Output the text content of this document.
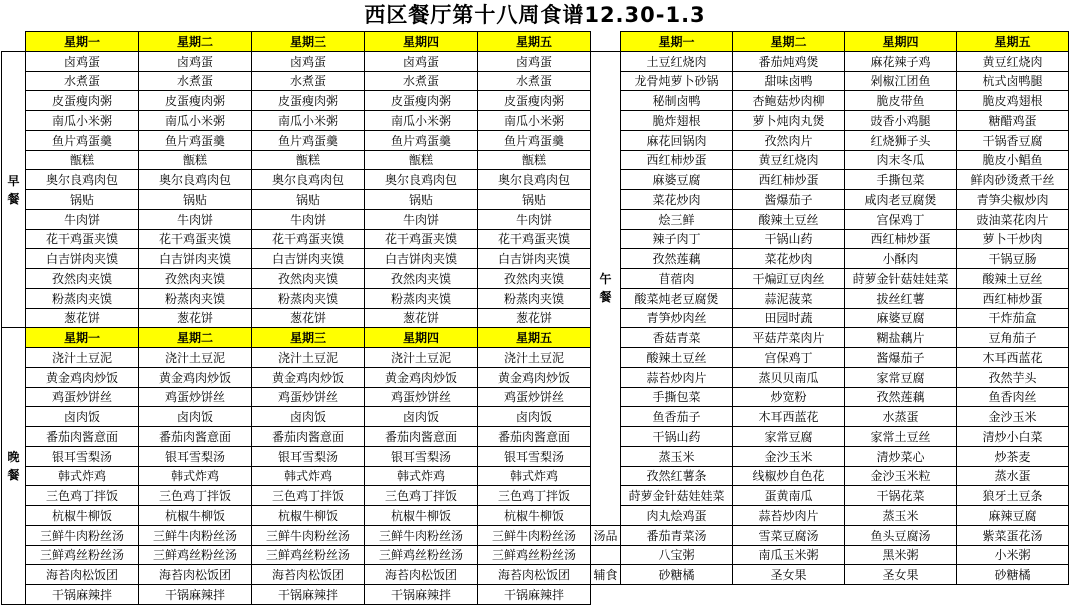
西区餐厅第十八周食谱12.30-1.3
	星期一	星期二	星期三	星期四	星期五
早餐	卤鸡蛋	卤鸡蛋	卤鸡蛋	卤鸡蛋	卤鸡蛋
	水煮蛋	水煮蛋	水煮蛋	水煮蛋	水煮蛋
	皮蛋瘦肉粥	皮蛋瘦肉粥	皮蛋瘦肉粥	皮蛋瘦肉粥	皮蛋瘦肉粥
	南瓜小米粥	南瓜小米粥	南瓜小米粥	南瓜小米粥	南瓜小米粥
	鱼片鸡蛋羹	鱼片鸡蛋羹	鱼片鸡蛋羹	鱼片鸡蛋羹	鱼片鸡蛋羹
	甑糕	甑糕	甑糕	甑糕	甑糕
	奥尔良鸡肉包	奥尔良鸡肉包	奥尔良鸡肉包	奥尔良鸡肉包	奥尔良鸡肉包
	锅贴	锅贴	锅贴	锅贴	锅贴
	牛肉饼	牛肉饼	牛肉饼	牛肉饼	牛肉饼
	花干鸡蛋夹馍	花干鸡蛋夹馍	花干鸡蛋夹馍	花干鸡蛋夹馍	花干鸡蛋夹馍
	白吉饼肉夹馍	白吉饼肉夹馍	白吉饼肉夹馍	白吉饼肉夹馍	白吉饼肉夹馍
	孜然肉夹馍	孜然肉夹馍	孜然肉夹馍	孜然肉夹馍	孜然肉夹馍
	粉蒸肉夹馍	粉蒸肉夹馍	粉蒸肉夹馍	粉蒸肉夹馍	粉蒸肉夹馍
	葱花饼	葱花饼	葱花饼	葱花饼	葱花饼
晚餐	星期一	星期二	星期三	星期四	星期五
	浇汁土豆泥	浇汁土豆泥	浇汁土豆泥	浇汁土豆泥	浇汁土豆泥
	黄金鸡肉炒饭	黄金鸡肉炒饭	黄金鸡肉炒饭	黄金鸡肉炒饭	黄金鸡肉炒饭
	鸡蛋炒饼丝	鸡蛋炒饼丝	鸡蛋炒饼丝	鸡蛋炒饼丝	鸡蛋炒饼丝
	卤肉饭	卤肉饭	卤肉饭	卤肉饭	卤肉饭
	番茄肉酱意面	番茄肉酱意面	番茄肉酱意面	番茄肉酱意面	番茄肉酱意面
	银耳雪梨汤	银耳雪梨汤	银耳雪梨汤	银耳雪梨汤	银耳雪梨汤
	韩式炸鸡	韩式炸鸡	韩式炸鸡	韩式炸鸡	韩式炸鸡
	三色鸡丁拌饭	三色鸡丁拌饭	三色鸡丁拌饭	三色鸡丁拌饭	三色鸡丁拌饭
	杭椒牛柳饭	杭椒牛柳饭	杭椒牛柳饭	杭椒牛柳饭	杭椒牛柳饭
	三鲜牛肉粉丝汤	三鲜牛肉粉丝汤	三鲜牛肉粉丝汤	三鲜牛肉粉丝汤	三鲜牛肉粉丝汤
	三鲜鸡丝粉丝汤	三鲜鸡丝粉丝汤	三鲜鸡丝粉丝汤	三鲜鸡丝粉丝汤	三鲜鸡丝粉丝汤
	海苔肉松饭团	海苔肉松饭团	海苔肉松饭团	海苔肉松饭团	海苔肉松饭团
	干锅麻辣拌	干锅麻辣拌	干锅麻辣拌	干锅麻辣拌	干锅麻辣拌
	星期一	星期二	星期四	星期五
午餐	土豆红烧肉	番茄炖鸡煲	麻花辣子鸡	黄豆红烧肉
	龙骨炖萝卜砂锅	甜味卤鸭	剁椒江团鱼	杭式卤鸭腿
	秘制卤鸭	杏鲍菇炒肉柳	脆皮带鱼	脆皮鸡翅根
	脆炸翅根	萝卜炖肉丸煲	豉香小鸡腿	糖醋鸡蛋
	麻花回锅肉	孜然肉片	红烧狮子头	干锅香豆腐
	西红柿炒蛋	黄豆红烧肉	肉末冬瓜	脆皮小鲳鱼
	麻婆豆腐	西红柿炒蛋	手撕包菜	鲜肉砂烫煮干丝
	菜花炒肉	酱爆茄子	咸肉老豆腐煲	青笋尖椒炒肉
	烩三鲜	酸辣土豆丝	宫保鸡丁	豉油菜花肉片
	辣子肉丁	干锅山药	西红柿炒蛋	萝卜干炒肉
	孜然莲藕	菜花炒肉	小酥肉	干锅豆肠
	苜蓿肉	干煸豇豆肉丝	莳萝金针菇娃娃菜	酸辣土豆丝
	酸菜炖老豆腐煲	蒜泥菠菜	拔丝红薯	西红柿炒蛋
	青笋炒肉丝	田园时蔬	麻婆豆腐	干炸茄盒
	香菇青菜	平菇芹菜肉片	糊盐藕片	豆角茄子
	酸辣土豆丝	宫保鸡丁	酱爆茄子	木耳西蓝花
	蒜苔炒肉片	蒸贝贝南瓜	家常豆腐	孜然芋头
	手撕包菜	炒宽粉	孜然莲藕	鱼香肉丝
	鱼香茄子	木耳西蓝花	水蒸蛋	金沙玉米
	干锅山药	家常豆腐	家常土豆丝	清炒小白菜
	蒸玉米	金沙玉米	清炒菜心	炒茶麦
	孜然红薯条	线椒炒自色花	金沙玉米粒	蒸水蛋
	莳萝金针菇娃娃菜	蛋黄南瓜	干锅花菜	狼牙土豆条
	肉丸烩鸡蛋	蒜苔炒肉片	蒸玉米	麻辣豆腐
汤品	番茄青菜汤	雪菜豆腐汤	鱼头豆腐汤	紫菜蛋花汤
	八宝粥	南瓜玉米粥	黑米粥	小米粥
辅食	砂糖橘	圣女果	圣女果	砂糖橘
